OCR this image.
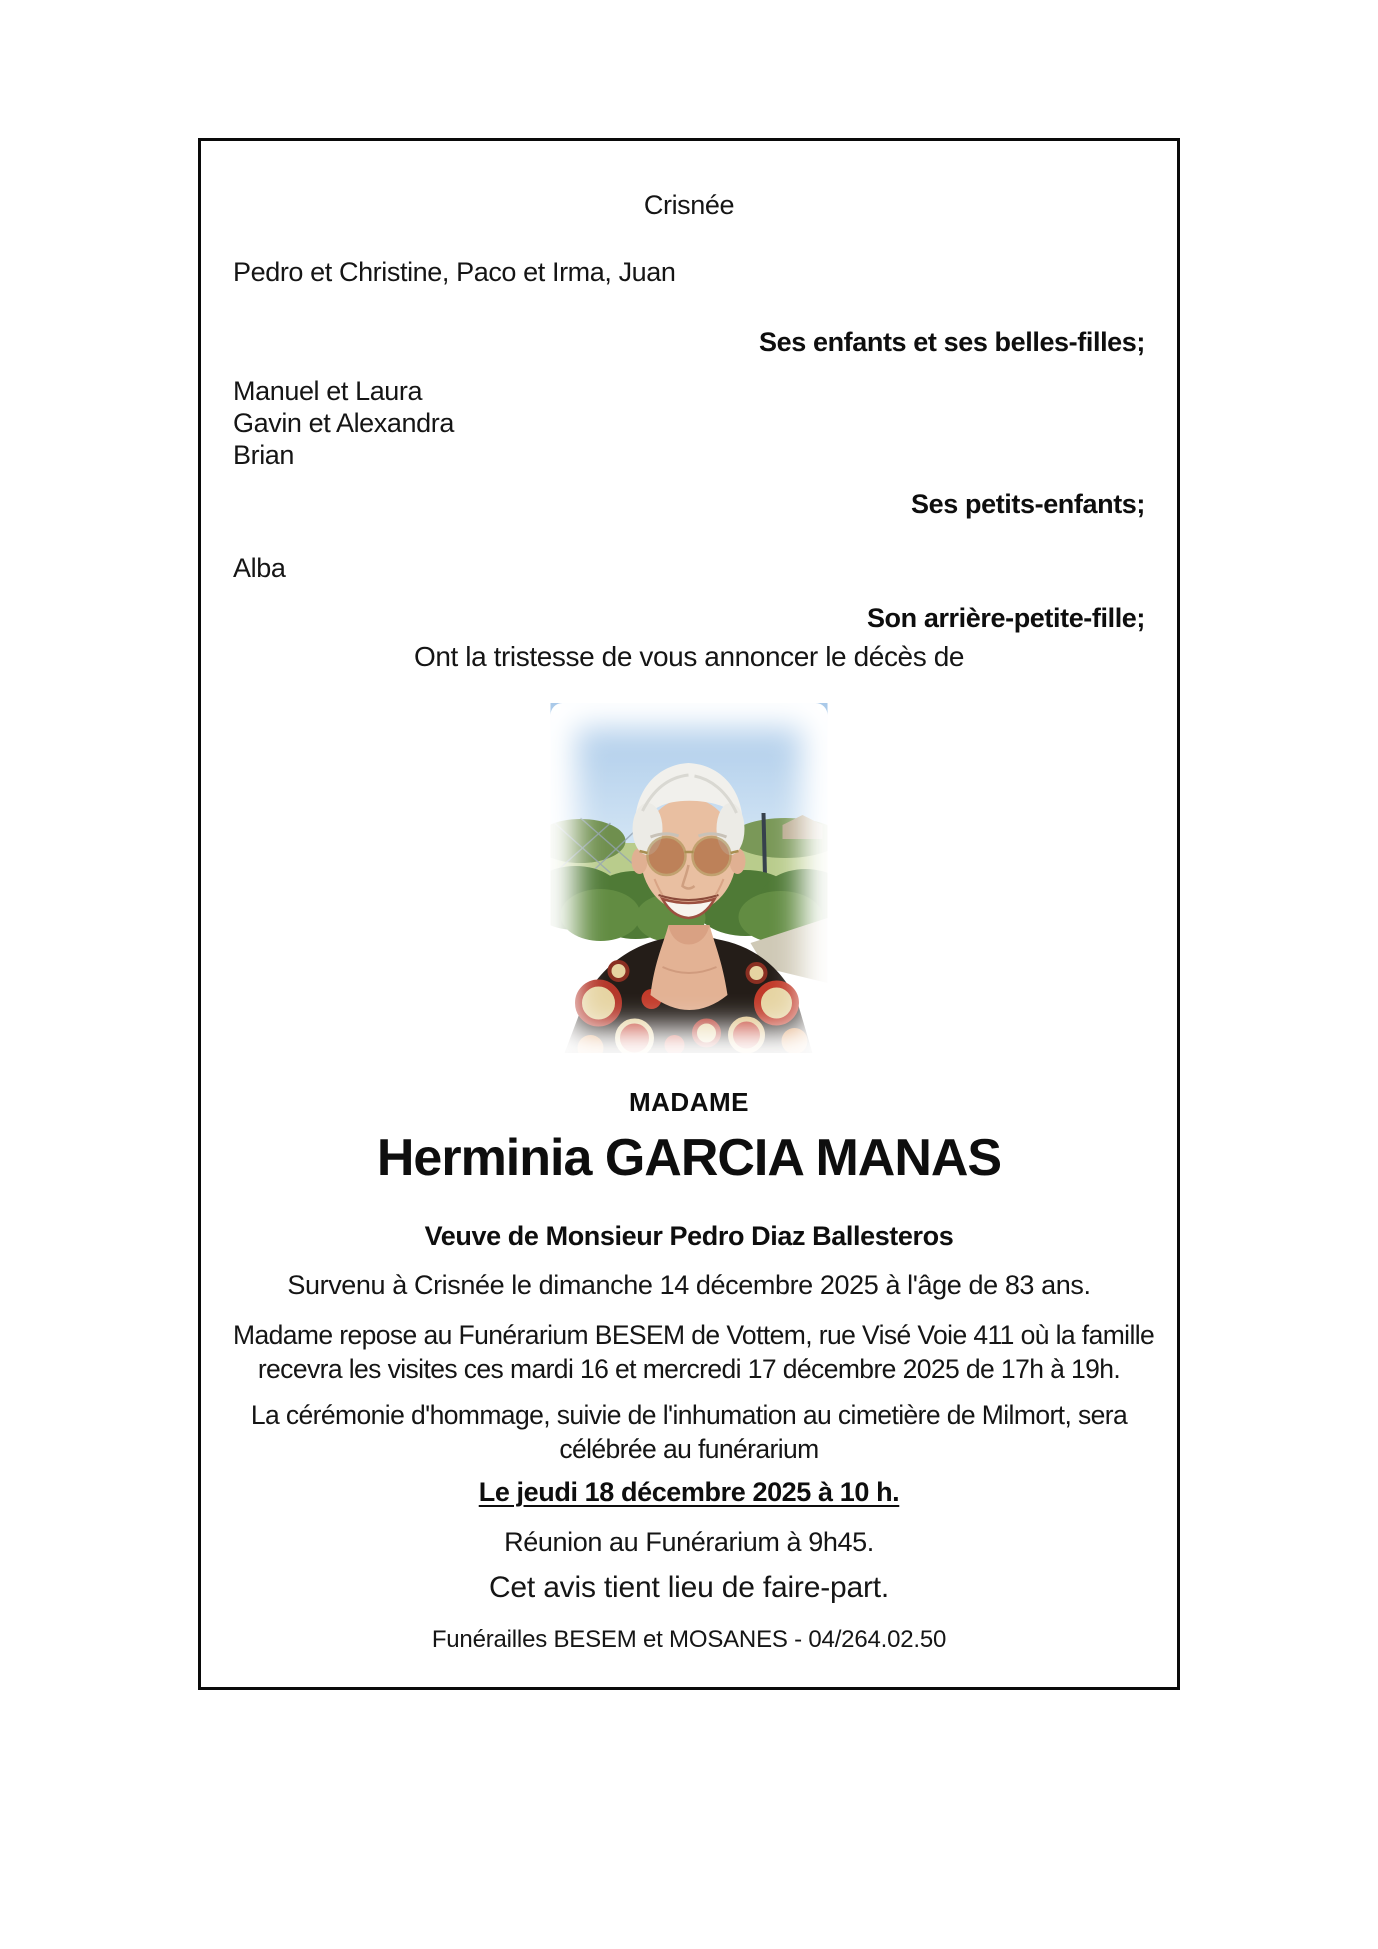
Crisnée
Pedro et Christine, Paco et Irma, Juan
Ses enfants et ses belles-filles;
Manuel et Laura
Gavin et Alexandra
Brian
Ses petits-enfants;
Alba
Son arrière-petite-fille;
Ont la tristesse de vous annoncer le décès de
MADAME
Herminia GARCIA MANAS
Veuve de Monsieur Pedro Diaz Ballesteros
Survenu à Crisnée le dimanche 14 décembre 2025 à l'âge de 83 ans.
Madame repose au Funérarium BESEM de Vottem, rue Visé Voie 411 où la famille
recevra les visites ces mardi 16 et mercredi 17 décembre 2025 de 17h à 19h.
La cérémonie d'hommage, suivie de l'inhumation au cimetière de Milmort, sera
célébrée au funérarium
Le jeudi 18 décembre 2025 à 10 h.
Réunion au Funérarium à 9h45.
Cet avis tient lieu de faire-part.
Funérailles BESEM et MOSANES - 04/264.02.50
